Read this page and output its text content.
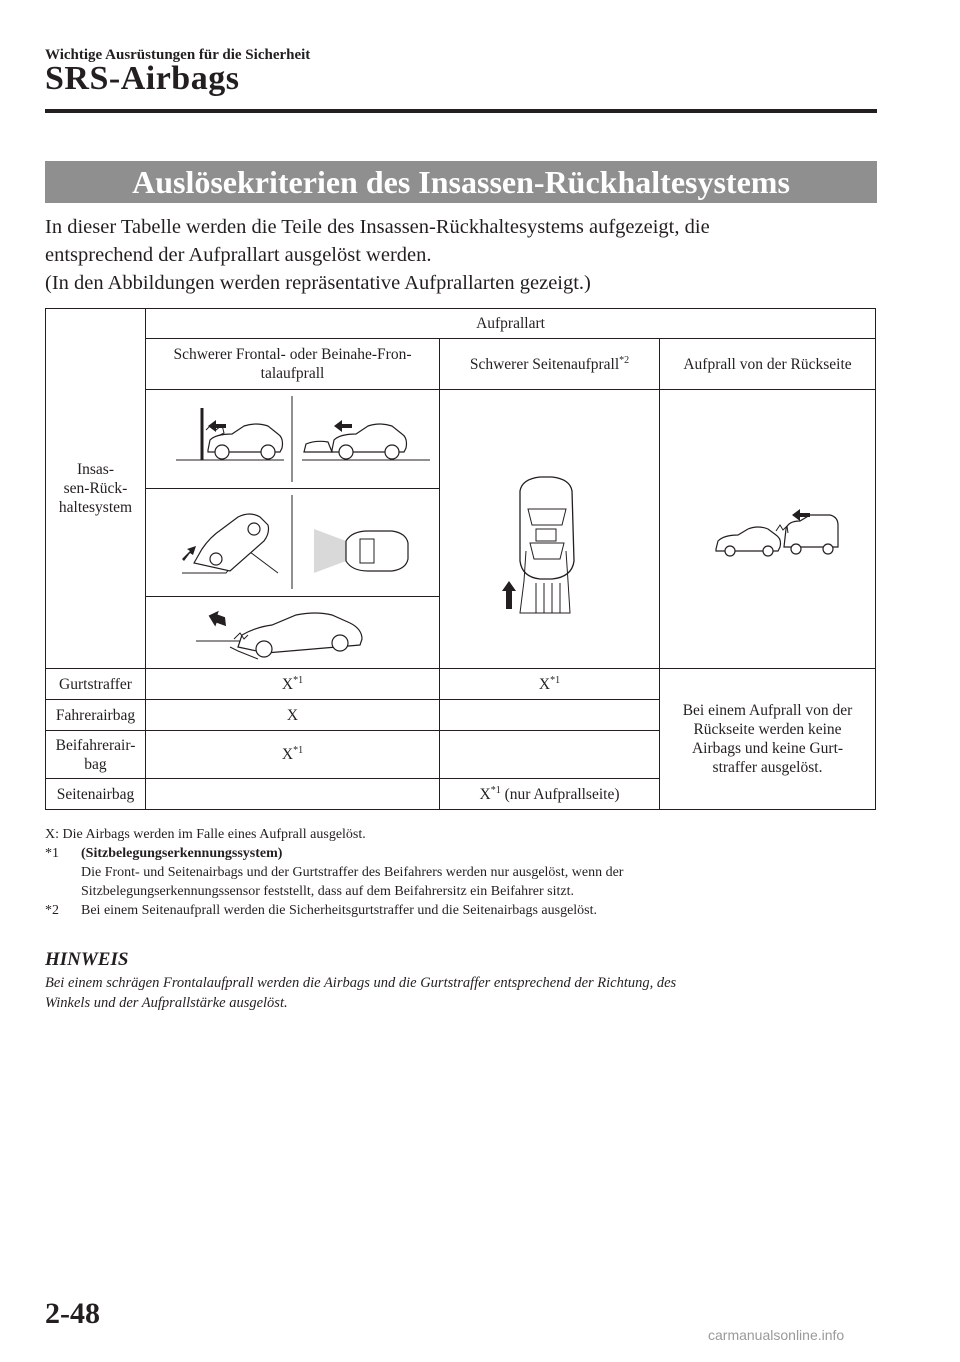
Wichtige Ausrüstungen für die Sicherheit
SRS-Airbags
Auslösekriterien des Insassen-Rückhaltesystems
In dieser Tabelle werden die Teile des Insassen-Rückhaltesystems aufgezeigt, die
entsprechend der Aufprallart ausgelöst werden.
(In den Abbildungen werden repräsentative Aufprallarten gezeigt.)
Insas-
sen-Rück-
haltesystem	Aufprallart		

	Schwerer Frontal- oder Beinahe-Fron-
talaufprall	Schwerer Seitenaufprall$^{*2}$	Aufprall von der Rückseite

Gurtstraffer	$X^{*1}$	$X^{*1}$	Bei einem Aufprall von der
Rückseite werden keine
Airbags und keine Gurt-
straffer ausgelöst.

Fahrerairbag	X		

Beifahrerair-
bag	$X^{*1}$	
Seitenairbag		$X^{*1}$ (nur Aufprallseite)	
X: Die Airbags werden im Falle eines Aufprall ausgelöst.
*1	(Sitzbelegungserkennungssystem)
Die Front- und Seitenairbags und der Gurtstraffer des Beifahrers werden nur ausgelöst, wenn der
Sitzbelegungserkennungssensor feststellt, dass auf dem Beifahrersitz ein Beifahrer sitzt.
*2	Bei einem Seitenaufprall werden die Sicherheitsgurtstraffer und die Seitenairbags ausgelöst.
HINWEIS
Bei einem schrägen Frontalaufprall werden die Airbags und die Gurtstraffer entsprechend der Richtung, des
Winkels und der Aufprallstärke ausgelöst.
2-48
carmanualsonline.info
